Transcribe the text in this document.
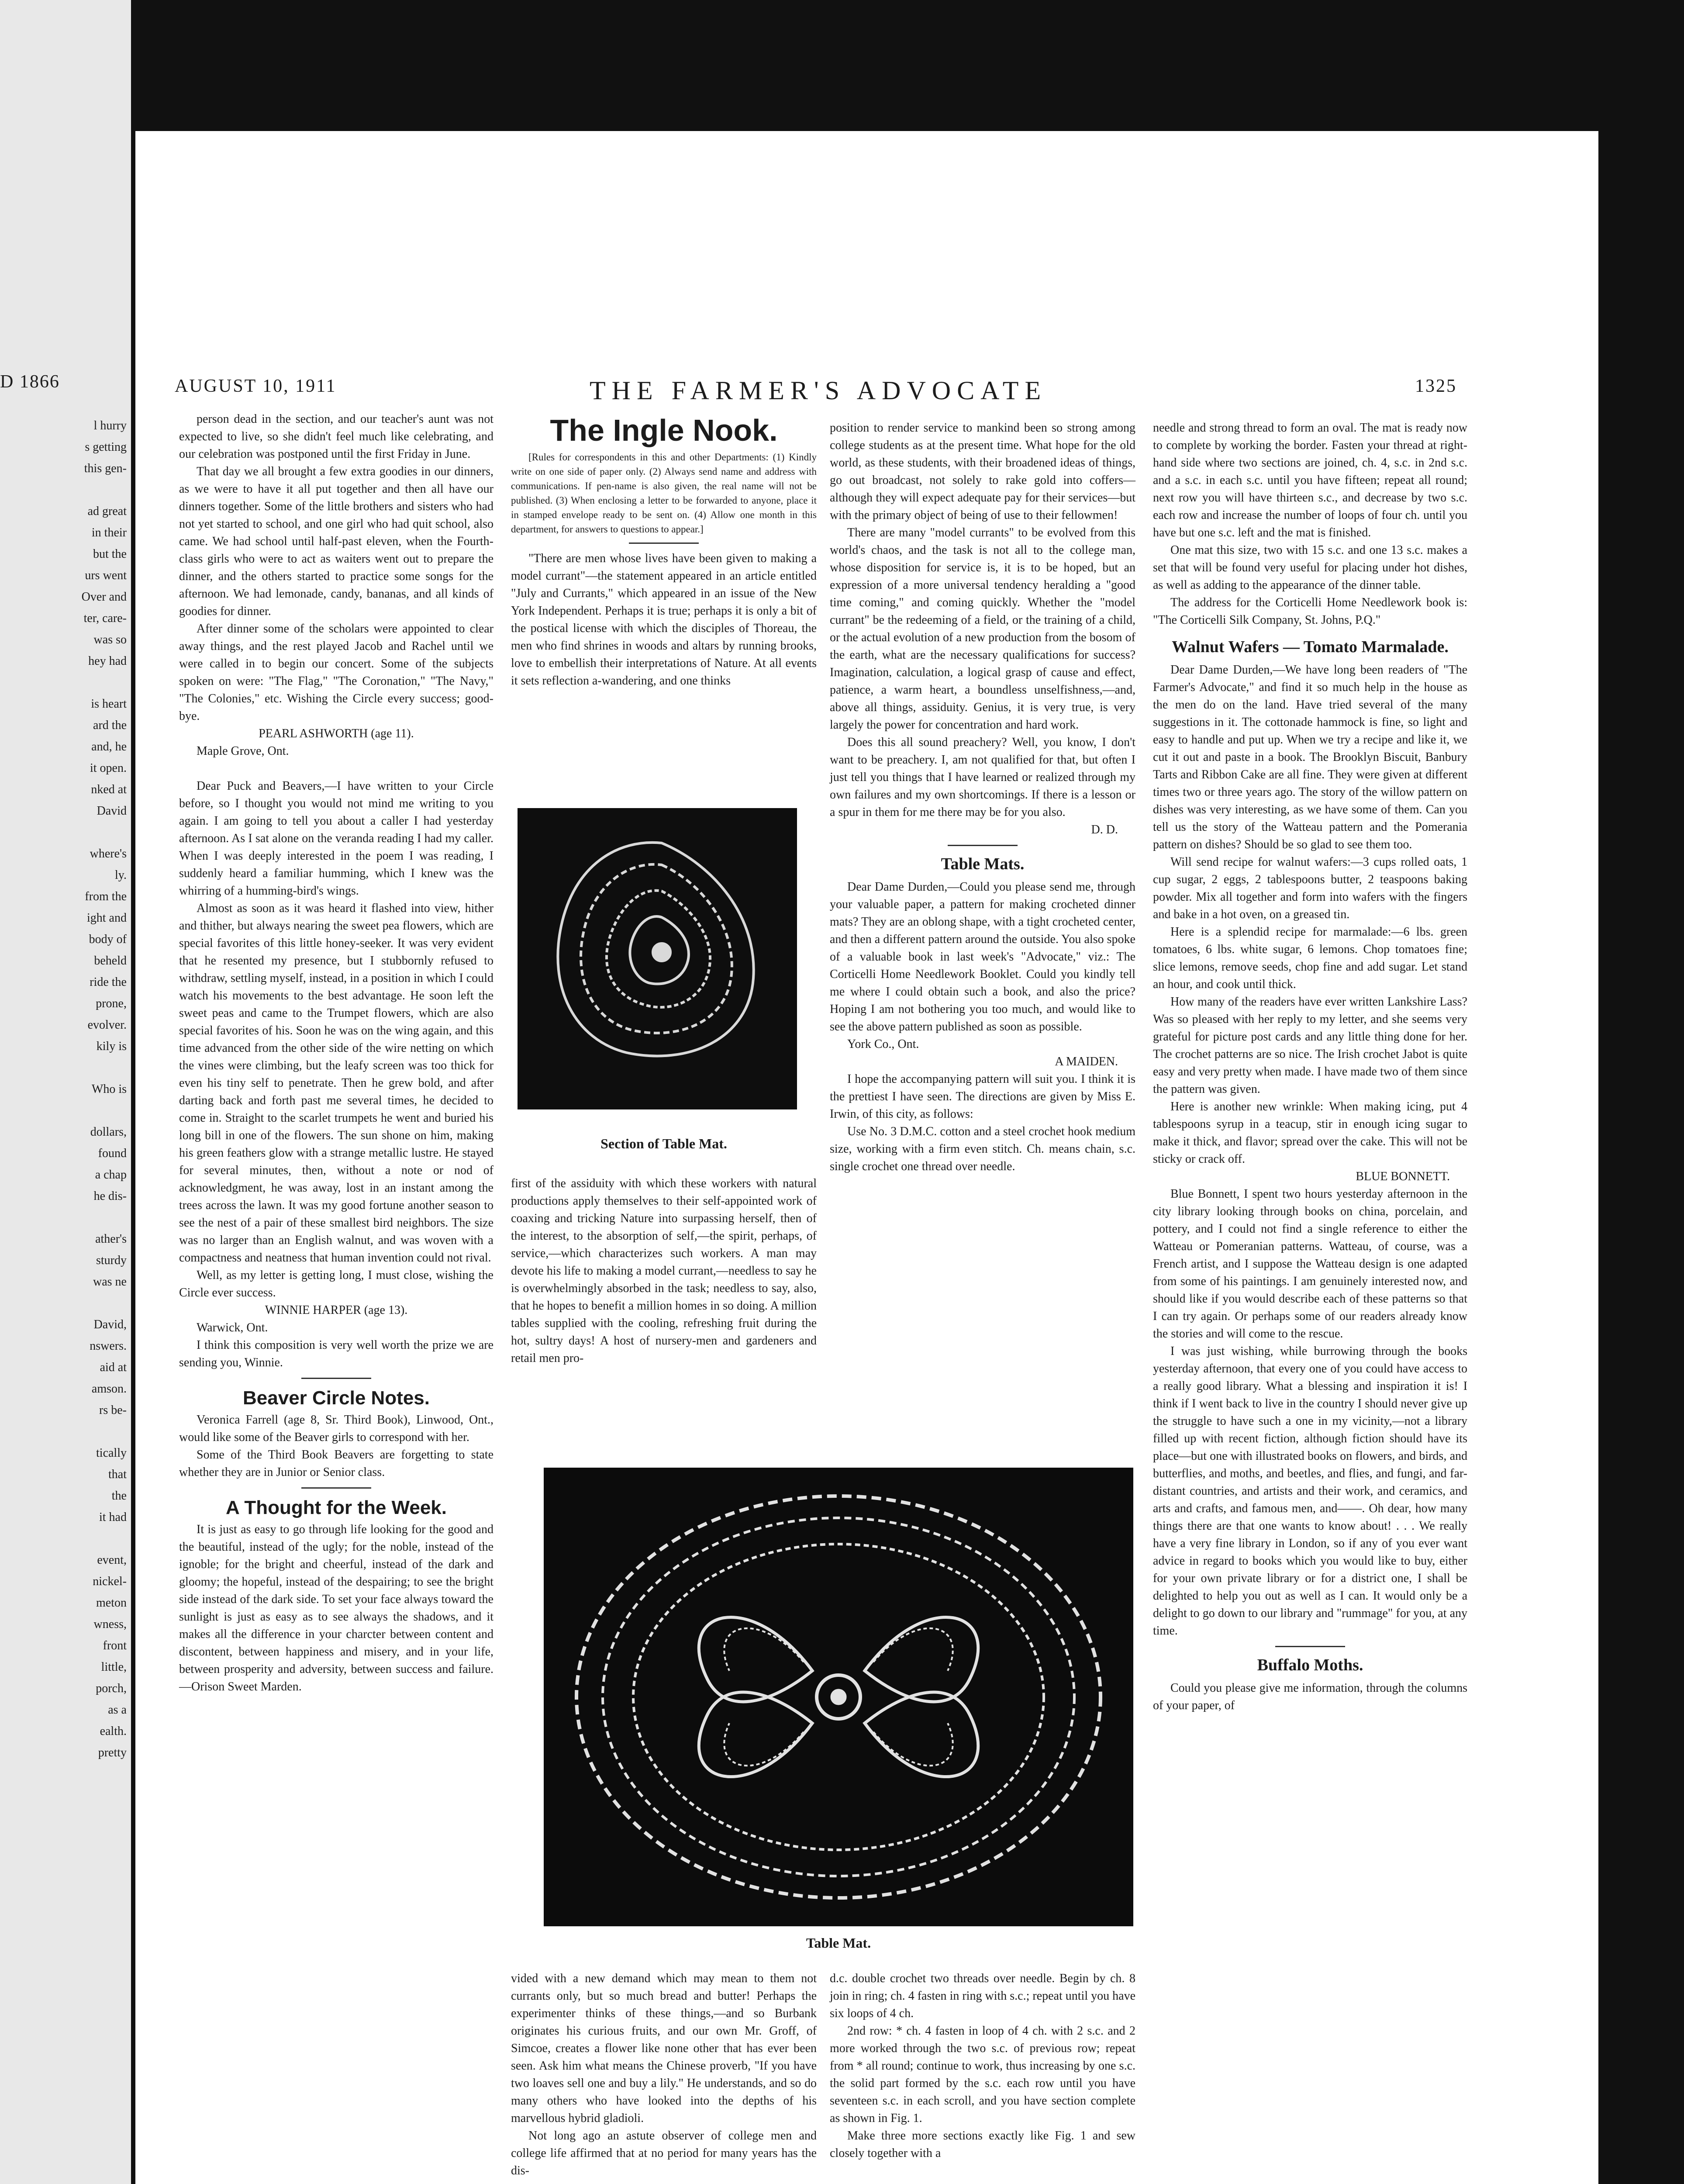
D 1866
l hurry
s getting
this gen-

ad great
in their
but the
urs went
Over and
ter, care-
was so
hey had

is heart
ard the
and, he
it open.
nked at
David

where's
ly.
from the
ight and
body of
beheld
ride the
prone,
evolver.
kily is

Who is

dollars,
found
a chap
he dis-

ather's
sturdy
was ne

David,
nswers.
aid at
amson.
rs be-

tically
that
the
it had

event,
nickel-
meton
wness,
front
little,
porch,
as a
ealth.
pretty
AUGUST 10, 1911	THE FARMER'S ADVOCATE	1325

person dead in the section, and our teacher's aunt was not expected to live, so she didn't feel much like celebrating, and our celebration was postponed until the first Friday in June.

That day we all brought a few extra goodies in our dinners, as we were to have it all put together and then all have our dinners together. Some of the little brothers and sisters who had not yet started to school, and one girl who had quit school, also came. We had school until half-past eleven, when the Fourth-class girls who were to act as waiters went out to prepare the dinner, and the others started to practice some songs for the afternoon. We had lemonade, candy, bananas, and all kinds of goodies for dinner.

After dinner some of the scholars were appointed to clear away things, and the rest played Jacob and Rachel until we were called in to begin our concert. Some of the subjects spoken on were: "The Flag," "The Coronation," "The Navy," "The Colonies," etc. Wishing the Circle every success; good-bye.

PEARL ASHWORTH (age 11).

Maple Grove, Ont.

Dear Puck and Beavers,—I have written to your Circle before, so I thought you would not mind me writing to you again. I am going to tell you about a caller I had yesterday afternoon. As I sat alone on the veranda reading I had my caller. When I was deeply interested in the poem I was reading, I suddenly heard a familiar humming, which I knew was the whirring of a humming-bird's wings.

Almost as soon as it was heard it flashed into view, hither and thither, but always nearing the sweet pea flowers, which are special favorites of this little honey-seeker. It was very evident that he resented my presence, but I stubbornly refused to withdraw, settling myself, instead, in a position in which I could watch his movements to the best advantage. He soon left the sweet peas and came to the Trumpet flowers, which are also special favorites of his. Soon he was on the wing again, and this time advanced from the other side of the wire netting on which the vines were climbing, but the leafy screen was too thick for even his tiny self to penetrate. Then he grew bold, and after darting back and forth past me several times, he decided to come in. Straight to the scarlet trumpets he went and buried his long bill in one of the flowers. The sun shone on him, making his green feathers glow with a strange metallic lustre. He stayed for several minutes, then, without a note or nod of acknowledgment, he was away, lost in an instant among the trees across the lawn. It was my good fortune another season to see the nest of a pair of these smallest bird neighbors. The size was no larger than an English walnut, and was woven with a compactness and neatness that human invention could not rival.

Well, as my letter is getting long, I must close, wishing the Circle ever success.

WINNIE HARPER (age 13).

Warwick, Ont.

I think this composition is very well worth the prize we are sending you, Winnie.

Beaver Circle Notes.

Veronica Farrell (age 8, Sr. Third Book), Linwood, Ont., would like some of the Beaver girls to correspond with her.

Some of the Third Book Beavers are forgetting to state whether they are in Junior or Senior class.

A Thought for the Week.

It is just as easy to go through life looking for the good and the beautiful, instead of the ugly; for the noble, instead of the ignoble; for the bright and cheerful, instead of the dark and gloomy; the hopeful, instead of the despairing; to see the bright side instead of the dark side. To set your face always toward the sunlight is just as easy as to see always the shadows, and it makes all the difference in your charcter between content and discontent, between happiness and misery, and in your life, between prosperity and adversity, between success and failure.—Orison Sweet Marden.

The Ingle Nook.

[Rules for correspondents in this and other Departments: (1) Kindly write on one side of paper only. (2) Always send name and address with communications. If pen-name is also given, the real name will not be published. (3) When enclosing a letter to be forwarded to anyone, place it in stamped envelope ready to be sent on. (4) Allow one month in this department, for answers to questions to appear.]

"There are men whose lives have been given to making a model currant"—the statement appeared in an article entitled "July and Currants," which appeared in an issue of the New York Independent. Perhaps it is true; perhaps it is only a bit of the postical license with which the disciples of Thoreau, the men who find shrines in woods and altars by running brooks, love to embellish their interpretations of Nature. At all events it sets reflection a-wandering, and one thinks

Section of Table Mat.

first of the assiduity with which these workers with natural productions apply themselves to their self-appointed work of coaxing and tricking Nature into surpassing herself, then of the interest, to the absorption of self,—the spirit, perhaps, of service,—which characterizes such workers. A man may devote his life to making a model currant,—needless to say he is overwhelmingly absorbed in the task; needless to say, also, that he hopes to benefit a million homes in so doing. A million tables supplied with the cooling, refreshing fruit during the hot, sultry days! A host of nursery-men and gardeners and retail men pro-

position to render service to mankind been so strong among college students as at the present time. What hope for the old world, as these students, with their broadened ideas of things, go out broadcast, not solely to rake gold into coffers—although they will expect adequate pay for their services—but with the primary object of being of use to their fellowmen!

There are many "model currants" to be evolved from this world's chaos, and the task is not all to the college man, whose disposition for service is, it is to be hoped, but an expression of a more universal tendency heralding a "good time coming," and coming quickly. Whether the "model currant" be the redeeming of a field, or the training of a child, or the actual evolution of a new production from the bosom of the earth, what are the necessary qualifications for success? Imagination, calculation, a logical grasp of cause and effect, patience, a warm heart, a boundless unselfishness,—and, above all things, assiduity. Genius, it is very true, is very largely the power for concentration and hard work.

Does this all sound preachery? Well, you know, I don't want to be preachery. I, am not qualified for that, but often I just tell you things that I have learned or realized through my own failures and my own shortcomings. If there is a lesson or a spur in them for me there may be for you also.

D. D.

Table Mats.

Dear Dame Durden,—Could you please send me, through your valuable paper, a pattern for making crocheted dinner mats? They are an oblong shape, with a tight crocheted center, and then a different pattern around the outside. You also spoke of a valuable book in last week's "Advocate," viz.: The Corticelli Home Needlework Booklet. Could you kindly tell me where I could obtain such a book, and also the price? Hoping I am not bothering you too much, and would like to see the above pattern published as soon as possible.

York Co., Ont.

A MAIDEN.

I hope the accompanying pattern will suit you. I think it is the prettiest I have seen. The directions are given by Miss E. Irwin, of this city, as follows:

Use No. 3 D.M.C. cotton and a steel crochet hook medium size, working with a firm even stitch. Ch. means chain, s.c. single crochet one thread over needle.

Table Mat.

vided with a new demand which may mean to them not currants only, but so much bread and butter! Perhaps the experimenter thinks of these things,—and so Burbank originates his curious fruits, and our own Mr. Groff, of Simcoe, creates a flower like none other that has ever been seen. Ask him what means the Chinese proverb, "If you have two loaves sell one and buy a lily." He understands, and so do many others who have looked into the depths of his marvellous hybrid gladioli.

Not long ago an astute observer of college men and college life affirmed that at no period for many years has the dis-

d.c. double crochet two threads over needle. Begin by ch. 8 join in ring; ch. 4 fasten in ring with s.c.; repeat until you have six loops of 4 ch.

2nd row: * ch. 4 fasten in loop of 4 ch. with 2 s.c. and 2 more worked through the two s.c. of previous row; repeat from * all round; continue to work, thus increasing by one s.c. the solid part formed by the s.c. each row until you have seventeen s.c. in each scroll, and you have section complete as shown in Fig. 1.

Make three more sections exactly like Fig. 1 and sew closely together with a

needle and strong thread to form an oval. The mat is ready now to complete by working the border. Fasten your thread at right-hand side where two sections are joined, ch. 4, s.c. in 2nd s.c. and a s.c. in each s.c. until you have fifteen; repeat all round; next row you will have thirteen s.c., and decrease by two s.c. each row and increase the number of loops of four ch. until you have but one s.c. left and the mat is finished.

One mat this size, two with 15 s.c. and one 13 s.c. makes a set that will be found very useful for placing under hot dishes, as well as adding to the appearance of the dinner table.

The address for the Corticelli Home Needlework book is: "The Corticelli Silk Company, St. Johns, P.Q."

Walnut Wafers — Tomato Marmalade.

Dear Dame Durden,—We have long been readers of "The Farmer's Advocate," and find it so much help in the house as the men do on the land. Have tried several of the many suggestions in it. The cottonade hammock is fine, so light and easy to handle and put up. When we try a recipe and like it, we cut it out and paste in a book. The Brooklyn Biscuit, Banbury Tarts and Ribbon Cake are all fine. They were given at different times two or three years ago. The story of the willow pattern on dishes was very interesting, as we have some of them. Can you tell us the story of the Watteau pattern and the Pomerania pattern on dishes? Should be so glad to see them too.

Will send recipe for walnut wafers:—3 cups rolled oats, 1 cup sugar, 2 eggs, 2 tablespoons butter, 2 teaspoons baking powder. Mix all together and form into wafers with the fingers and bake in a hot oven, on a greased tin.

Here is a splendid recipe for marmalade:—6 lbs. green tomatoes, 6 lbs. white sugar, 6 lemons. Chop tomatoes fine; slice lemons, remove seeds, chop fine and add sugar. Let stand an hour, and cook until thick.

How many of the readers have ever written Lankshire Lass? Was so pleased with her reply to my letter, and she seems very grateful for picture post cards and any little thing done for her. The crochet patterns are so nice. The Irish crochet Jabot is quite easy and very pretty when made. I have made two of them since the pattern was given.

Here is another new wrinkle: When making icing, put 4 tablespoons syrup in a teacup, stir in enough icing sugar to make it thick, and flavor; spread over the cake. This will not be sticky or crack off.

BLUE BONNETT.

Blue Bonnett, I spent two hours yesterday afternoon in the city library looking through books on china, porcelain, and pottery, and I could not find a single reference to either the Watteau or Pomeranian patterns. Watteau, of course, was a French artist, and I suppose the Watteau design is one adapted from some of his paintings. I am genuinely interested now, and should like if you would describe each of these patterns so that I can try again. Or perhaps some of our readers already know the stories and will come to the rescue.

I was just wishing, while burrowing through the books yesterday afternoon, that every one of you could have access to a really good library. What a blessing and inspiration it is! I think if I went back to live in the country I should never give up the struggle to have such a one in my vicinity,—not a library filled up with recent fiction, although fiction should have its place—but one with illustrated books on flowers, and birds, and butterflies, and moths, and beetles, and flies, and fungi, and far-distant countries, and artists and their work, and ceramics, and arts and crafts, and famous men, and——. Oh dear, how many things there are that one wants to know about! . . . We really have a very fine library in London, so if any of you ever want advice in regard to books which you would like to buy, either for your own private library or for a district one, I shall be delighted to help you out as well as I can. It would only be a delight to go down to our library and "rummage" for you, at any time.

Buffalo Moths.

Could you please give me information, through the columns of your paper, of
